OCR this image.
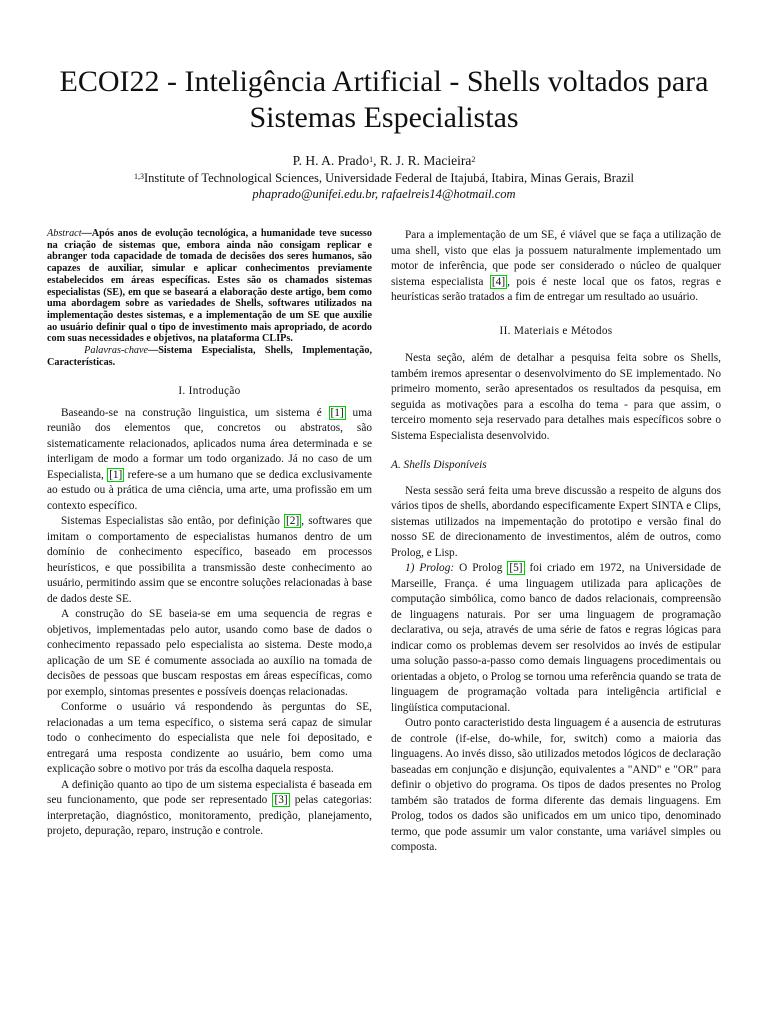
ECOI22 - Inteligência Artificial - Shells voltados para Sistemas Especialistas
P. H. A. Prado$^1$, R. J. R. Macieira$^2$
$^{1,3}$Institute of Technological Sciences, Universidade Federal de Itajubá, Itabira, Minas Gerais, Brazil
phaprado@unifei.edu.br, rafaelreis14@hotmail.com

Abstract—Após anos de evolução tecnológica, a humanidade teve sucesso na criação de sistemas que, embora ainda não consigam replicar e abranger toda capacidade de tomada de decisões dos seres humanos, são capazes de auxiliar, simular e aplicar conhecimentos previamente estabelecidos em áreas específicas. Estes são os chamados sistemas especialistas (SE), em que se baseará a elaboração deste artigo, bem como uma abordagem sobre as variedades de Shells, softwares utilizados na implementação destes sistemas, e a implementação de um SE que auxilie ao usuário definir qual o tipo de investimento mais apropriado, de acordo com suas necessidades e objetivos, na plataforma CLIPs.

Palavras-chave—Sistema Especialista, Shells, Implementação, Características.

I. Introdução

Baseando-se na construção linguistica, um sistema é [1] uma reunião dos elementos que, concretos ou abstratos, são sistematicamente relacionados, aplicados numa área determinada e se interligam de modo a formar um todo organizado. Já no caso de um Especialista, [1] refere-se a um humano que se dedica exclusivamente ao estudo ou à prática de uma ciência, uma arte, uma profissão em um contexto específico.

Sistemas Especialistas são então, por definição [2] , softwares que imitam o comportamento de especialistas humanos dentro de um domínio de conhecimento específico, baseado em processos heurísticos, e que possibilita a transmissão deste conhecimento ao usuário, permitindo assim que se encontre soluções relacionadas à base de dados deste SE.

A construção do SE baseia-se em uma sequencia de regras e objetivos, implementadas pelo autor, usando como base de dados o conhecimento repassado pelo especialista ao sistema. Deste modo,a aplicação de um SE é comumente associada ao auxílio na tomada de decisões de pessoas que buscam respostas em áreas específicas, como por exemplo, sintomas presentes e possíveis doenças relacionadas.

Conforme o usuário vá respondendo às perguntas do SE, relacionadas a um tema específico, o sistema será capaz de simular todo o conhecimento do especialista que nele foi depositado, e entregará uma resposta condizente ao usuário, bem como uma explicação sobre o motivo por trás da escolha daquela resposta.

A definição quanto ao tipo de um sistema especialista é baseada em seu funcionamento, que pode ser representado [3] pelas categorias: interpretação, diagnóstico, monitoramento, predição, planejamento, projeto, depuração, reparo, instrução e controle.

Para a implementação de um SE, é viável que se faça a utilização de uma shell, visto que elas ja possuem naturalmente implementado um motor de inferência, que pode ser considerado o núcleo de qualquer sistema especialista [4] , pois é neste local que os fatos, regras e heurísticas serão tratados a fim de entregar um resultado ao usuário.

II. Materiais e Métodos

Nesta seção, além de detalhar a pesquisa feita sobre os Shells, também iremos apresentar o desenvolvimento do SE implementado. No primeiro momento, serão apresentados os resultados da pesquisa, em seguida as motivações para a escolha do tema - para que assim, o terceiro momento seja reservado para detalhes mais específicos sobre o Sistema Especialista desenvolvido.

A. Shells Disponíveis

Nesta sessão será feita uma breve discussão a respeito de alguns dos vários tipos de shells, abordando especificamente Expert SINTA e Clips, sistemas utilizados na impementação do prototipo e versão final do nosso SE de direcionamento de investimentos, além de outros, como Prolog, e Lisp.

1) Prolog: O Prolog [5] foi criado em 1972, na Universidade de Marseille, França. é uma linguagem utilizada para aplicações de computação simbólica, como banco de dados relacionais, compreensão de linguagens naturais. Por ser uma linguagem de programação declarativa, ou seja, através de uma série de fatos e regras lógicas para indicar como os problemas devem ser resolvidos ao invés de estipular uma solução passo-a-passo como demais linguagens procedimentais ou orientadas a objeto, o Prolog se tornou uma referência quando se trata de linguagem de programação voltada para inteligência artificial e lingüística computacional.

Outro ponto caracteristido desta linguagem é a ausencia de estruturas de controle (if-else, do-while, for, switch) como a maioria das linguagens. Ao invés disso, são utilizados metodos lógicos de declaração baseadas em conjunção e disjunção, equivalentes a "AND" e "OR" para definir o objetivo do programa. Os tipos de dados presentes no Prolog também são tratados de forma diferente das demais linguagens. Em Prolog, todos os dados são unificados em um unico tipo, denominado termo, que pode assumir um valor constante, uma variável simples ou composta.
